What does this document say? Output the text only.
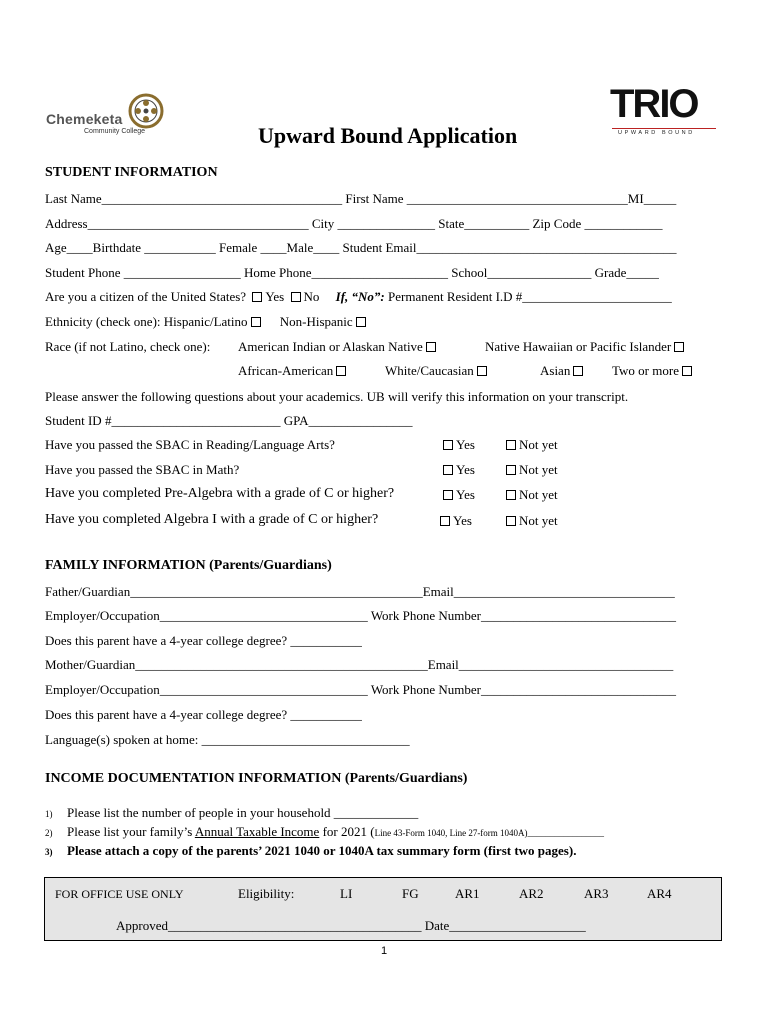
Chemeketa
Community College
TRIO
UPWARD BOUND
Upward Bound Application
STUDENT INFORMATION
Last Name_____________________________________ First Name __________________________________MI_____
Address__________________________________ City _______________ State__________ Zip Code ____________
Age____Birthdate ___________ Female ____Male____ Student Email________________________________________
Student Phone __________________ Home Phone_____________________ School________________ Grade_____
Are you a citizen of the United States? Yes No If, “No”: Permanent Resident I.D #_______________________
Ethnicity (check one): Hispanic/Latino Non-Hispanic
Race (if not Latino, check one): American Indian or Alaskan Native	Native Hawaiian or Pacific Islander
African-American	White/Caucasian	Asian	Two or more
Please answer the following questions about your academics. UB will verify this information on your transcript.
Student ID #__________________________ GPA________________
Have you passed the SBAC in Reading/Language Arts?	Yes	Not yet
Have you passed the SBAC in Math?	Yes	Not yet
Have you completed Pre-Algebra with a grade of C or higher?	Yes	Not yet
Have you completed Algebra I with a grade of C or higher?	Yes	Not yet
FAMILY INFORMATION (Parents/Guardians)
Father/Guardian_____________________________________________Email__________________________________
Employer/Occupation________________________________ Work Phone Number______________________________
Does this parent have a 4-year college degree? ___________
Mother/Guardian_____________________________________________Email_________________________________
Employer/Occupation________________________________ Work Phone Number______________________________
Does this parent have a 4-year college degree? ___________
Language(s) spoken at home: ________________________________
INCOME DOCUMENTATION INFORMATION (Parents/Guardians)
1) Please list the number of people in your household _____________
2) Please list your family’s Annual Taxable Income for 2021 (Line 43-Form 1040, Line 27-form 1040A)_________________
3) Please attach a copy of the parents’ 2021 1040 or 1040A tax summary form (first two pages).
FOR OFFICE USE ONLY	Eligibility:	LI	FG	AR1	AR2	AR3	AR4
Approved_______________________________________ Date_____________________
1
